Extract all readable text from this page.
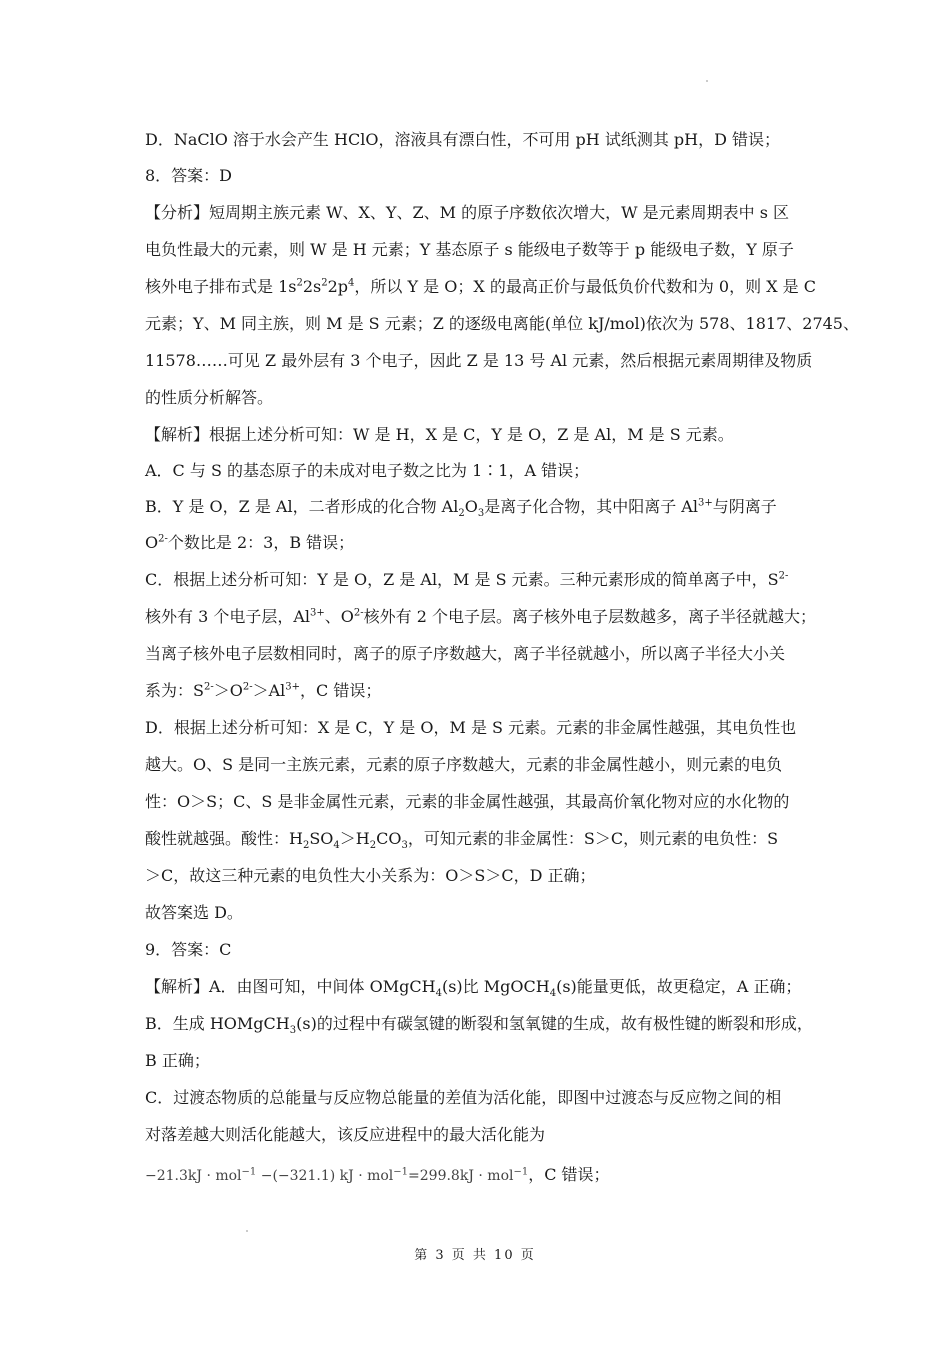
D．NaClO 溶于水会产生 HClO，溶液具有漂白性，不可用 pH 试纸测其 pH，D 错误；
8．答案：D
【分析】短周期主族元素 W、X、Y、Z、M 的原子序数依次增大，W 是元素周期表中 s 区
电负性最大的元素，则 W 是 H 元素；Y 基态原子 s 能级电子数等于 p 能级电子数，Y 原子
核外电子排布式是 $1s^22s^22p^4$，所以 Y 是 O；X 的最高正价与最低负价代数和为 0，则 X 是 C
元素；Y、M 同主族，则 M 是 S 元素；Z 的逐级电离能(单位 kJ/mol)依次为 578、1817、2745、
11578……可见 Z 最外层有 3 个电子，因此 Z 是 13 号 Al 元素，然后根据元素周期律及物质
的性质分析解答。
【解析】根据上述分析可知：W 是 H，X 是 C，Y 是 O，Z 是 Al，M 是 S 元素。
A．C 与 S 的基态原子的未成对电子数之比为 1∶1，A 错误；
B．Y 是 O，Z 是 Al，二者形成的化合物 $Al_2O_3$是离子化合物，其中阳离子 $Al^{3+}$与阴离子
$O^{2-}$个数比是 2：3，B 错误；
C．根据上述分析可知：Y 是 O，Z 是 Al，M 是 S 元素。三种元素形成的简单离子中，$S^{2-}$
核外有 3 个电子层，$Al^{3+}$、$O^{2-}$核外有 2 个电子层。离子核外电子层数越多，离子半径就越大；
当离子核外电子层数相同时，离子的原子序数越大，离子半径就越小，所以离子半径大小关
系为：$S^{2-}>O^{2-}>Al^{3+}$，C 错误；
D．根据上述分析可知：X 是 C，Y 是 O，M 是 S 元素。元素的非金属性越强，其电负性也
越大。O、S 是同一主族元素，元素的原子序数越大，元素的非金属性越小，则元素的电负
性：O＞S；C、S 是非金属性元素，元素的非金属性越强，其最高价氧化物对应的水化物的
酸性就越强。酸性：$H_2SO_4>H_2CO_3$，可知元素的非金属性：S＞C，则元素的电负性：S
＞C，故这三种元素的电负性大小关系为：O＞S＞C，D 正确；
故答案选 D。
9．答案：C
【解析】A．由图可知，中间体 OMgCH$_4$(s)比 MgOCH$_4$(s)能量更低，故更稳定，A 正确；
B．生成 HOMgCH$_3$(s)的过程中有碳氢键的断裂和氢氧键的生成，故有极性键的断裂和形成，
B 正确；
C．过渡态物质的总能量与反应物总能量的差值为活化能，即图中过渡态与反应物之间的相
对落差越大则活化能越大，该反应进程中的最大活化能为
−21.3kJ · mol$^{-1}$ −(−321.1) kJ · mol$^{-1}$=299.8kJ · mol$^{-1}$，C 错误；
第 3 页 共 10 页
